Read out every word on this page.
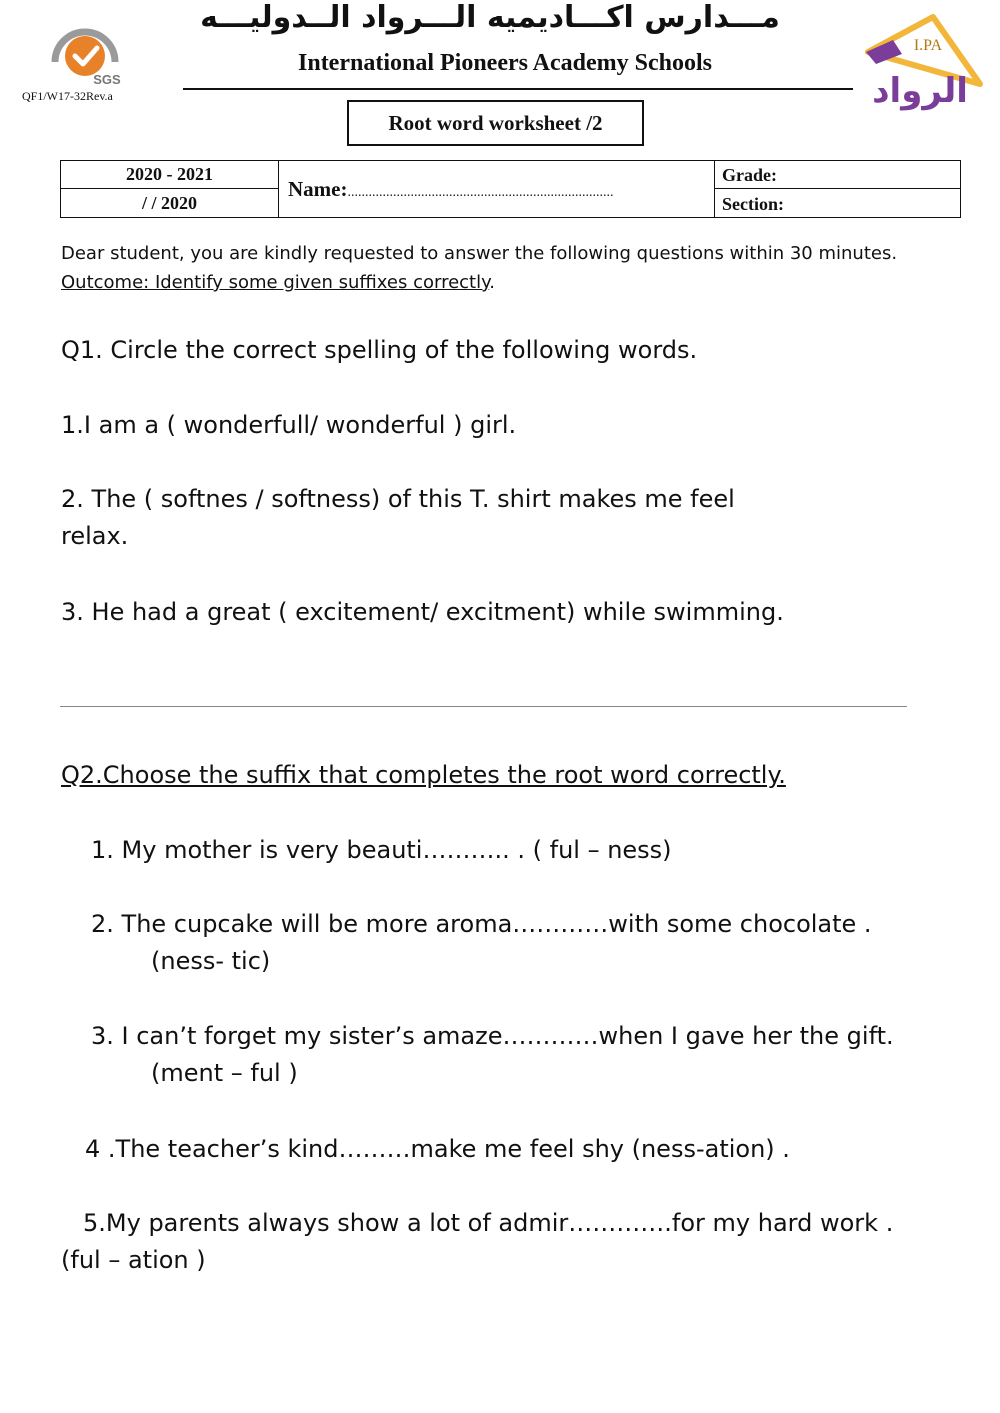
مـــدارس اكـــاديميه الـــرواد الــدوليـــه
International Pioneers Academy Schools
QF1/W17-32Rev.a
SGS
I.PA
الرواد
Root word worksheet /2
2020 - 2021
/ / 2020
Name:............................................................................
Grade:
Section:
Dear student, you are kindly requested to answer the following questions within 30 minutes.
Outcome: Identify some given suffixes correctly.
Q1. Circle the correct spelling of the following words.
1.I am a ( wonderfull/ wonderful ) girl.
2. The ( softnes / softness) of this T. shirt makes me feel
relax.
3. He had a great ( excitement/ excitment) while swimming.
Q2.Choose the suffix that completes the root word correctly.
1. My mother is very beauti……….. . ( ful – ness)
2. The cupcake will be more aroma…………with some chocolate .
(ness- tic)
3. I can’t forget my sister’s amaze…………when I gave her the gift.
(ment – ful )
4 .The teacher’s kind………make me feel shy (ness-ation) .
5.My parents always show a lot of admir………….for my hard work .
(ful – ation )
